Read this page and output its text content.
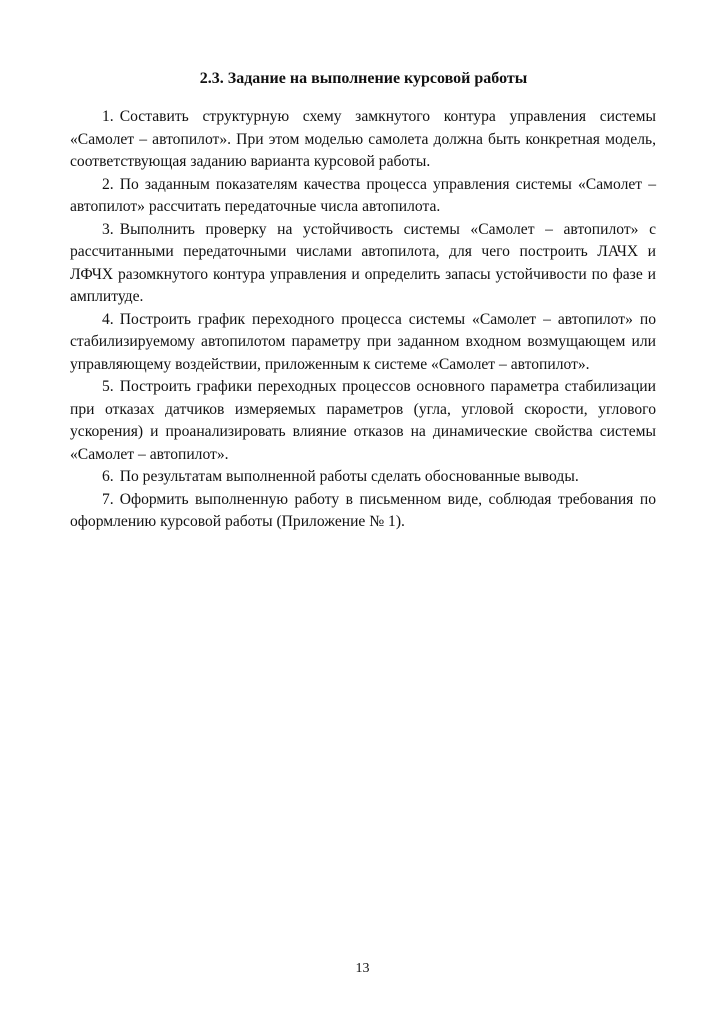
2.3. Задание на выполнение курсовой работы
1. Составить структурную схему замкнутого контура управления системы «Самолет – автопилот». При этом моделью самолета должна быть конкретная модель, соответствующая заданию варианта курсовой работы.
2. По заданным показателям качества процесса управления системы «Самолет – автопилот» рассчитать передаточные числа автопилота.
3. Выполнить проверку на устойчивость системы «Самолет – автопилот» с рассчитанными передаточными числами автопилота, для чего построить ЛАЧХ и ЛФЧХ разомкнутого контура управления и определить запасы устойчивости по фазе и амплитуде.
4. Построить график переходного процесса системы «Самолет – автопилот» по стабилизируемому автопилотом параметру при заданном входном возмущающем или управляющему воздействии, приложенным к системе «Самолет – автопилот».
5. Построить графики переходных процессов основного параметра стабилизации при отказах датчиков измеряемых параметров (угла, угловой скорости, углового ускорения) и проанализировать влияние отказов на динамические свойства системы «Самолет – автопилот».
6. По результатам выполненной работы сделать обоснованные выводы.
7. Оформить выполненную работу в письменном виде, соблюдая требования по оформлению курсовой работы (Приложение № 1).
13
